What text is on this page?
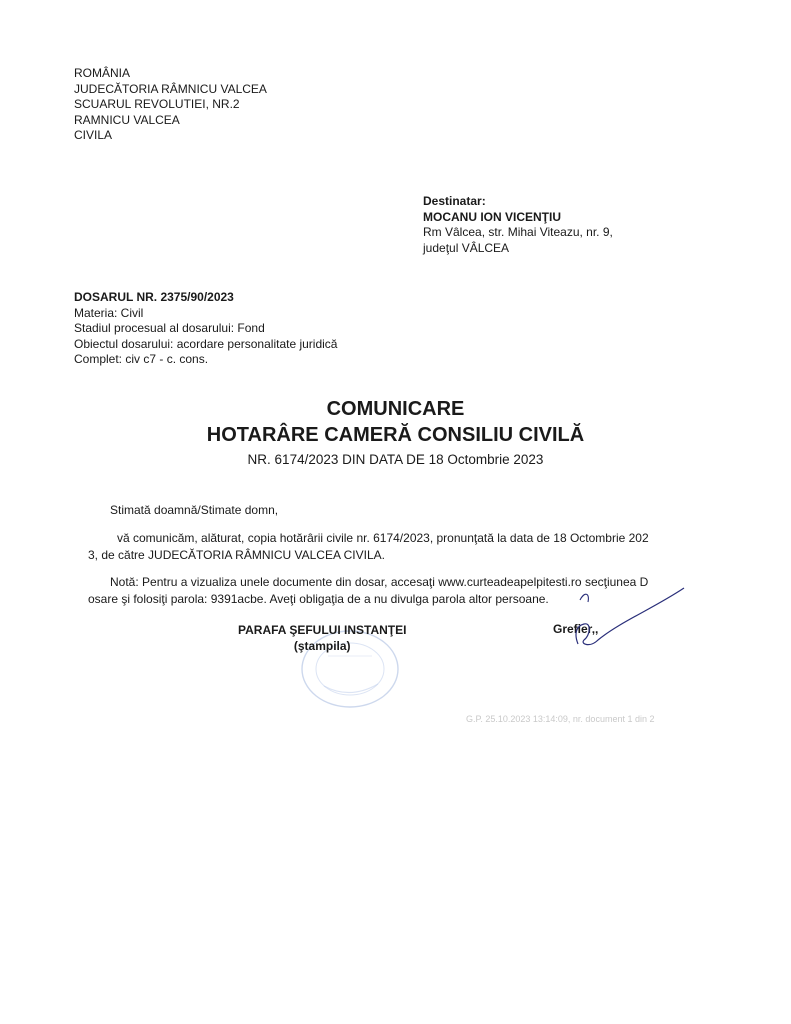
ROMÂNIA
JUDECĂTORIA RÂMNICU VALCEA
SCUARUL REVOLUTIEI, NR.2
RAMNICU VALCEA
CIVILA
Destinatar:
MOCANU ION VICENŢIU
Rm Vâlcea, str. Mihai Viteazu, nr. 9,
judeţul VÂLCEA
DOSARUL NR. 2375/90/2023
Materia: Civil
Stadiul procesual al dosarului: Fond
Obiectul dosarului: acordare personalitate juridică
Complet: civ c7 - c. cons.
COMUNICARE
HOTARÂRE CAMERĂ CONSILIU CIVILĂ
NR. 6174/2023 DIN DATA DE 18 Octombrie 2023
Stimată doamnă/Stimate domn,
vă comunicăm, alăturat, copia hotărârii civile nr. 6174/2023, pronunţată la data de 18 Octombrie 202
3, de către JUDECĂTORIA RÂMNICU VALCEA CIVILA.
Notă: Pentru a vizualiza unele documente din dosar, accesaţi www.curteadeapelpitesti.ro secţiunea D
osare şi folosiţi parola: 9391acbe. Aveţi obligaţia de a nu divulga parola altor persoane.
PARAFA ŞEFULUI INSTANŢEI
(ştampila)
Grefier,,
G.P. 25.10.2023 13:14:09, nr. document 1 din 2
